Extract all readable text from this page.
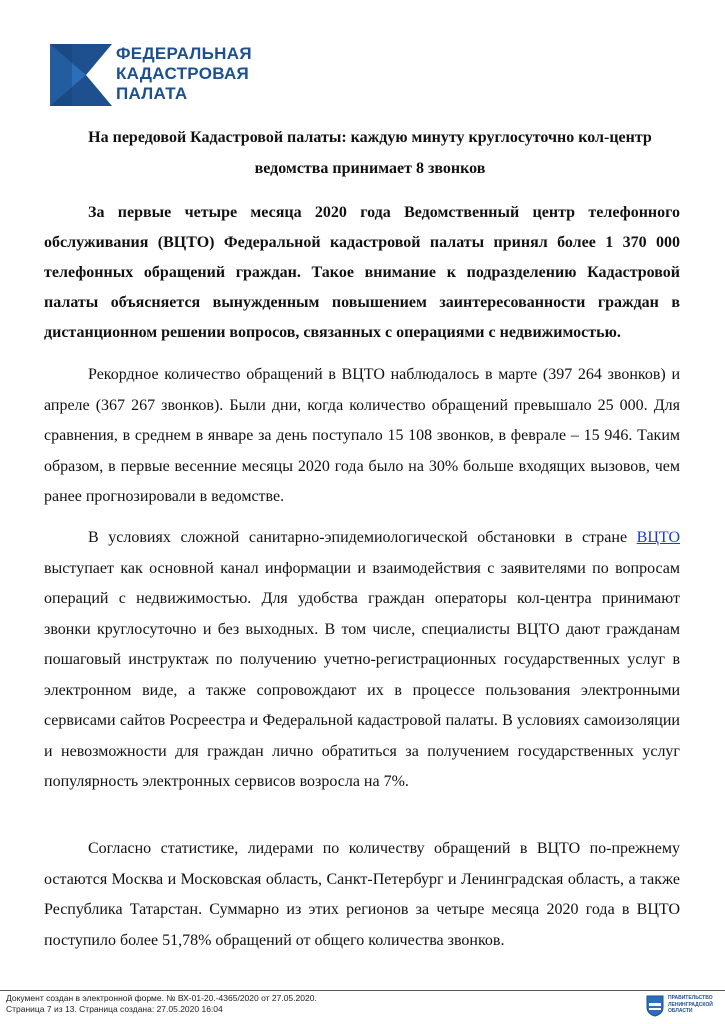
ФЕДЕРАЛЬНАЯ
КАДАСТРОВАЯ
ПАЛАТА
На передовой Кадастровой палаты: каждую минуту круглосуточно кол-центр ведомства принимает 8 звонков

За первые четыре месяца 2020 года Ведомственный центр телефонного обслуживания (ВЦТО) Федеральной кадастровой палаты принял более 1 370 000 телефонных обращений граждан. Такое внимание к подразделению Кадастровой палаты объясняется вынужденным повышением заинтересованности граждан в дистанционном решении вопросов, связанных с операциями с недвижимостью.

Рекордное количество обращений в ВЦТО наблюдалось в марте (397 264 звонков) и апреле (367 267 звонков). Были дни, когда количество обращений превышало 25 000. Для сравнения, в среднем в январе за день поступало 15 108 звонков, в феврале – 15 946. Таким образом, в первые весенние месяцы 2020 года было на 30% больше входящих вызовов, чем ранее прогнозировали в ведомстве.

В условиях сложной санитарно-эпидемиологической обстановки в стране ВЦТО выступает как основной канал информации и взаимодействия с заявителями по вопросам операций с недвижимостью. Для удобства граждан операторы кол-центра принимают звонки круглосуточно и без выходных. В том числе, специалисты ВЦТО дают гражданам пошаговый инструктаж по получению учетно-регистрационных государственных услуг в электронном виде, а также сопровождают их в процессе пользования электронными сервисами сайтов Росреестра и Федеральной кадастровой палаты. В условиях самоизоляции и невозможности для граждан лично обратиться за получением государственных услуг популярность электронных сервисов возросла на 7%.

Согласно статистике, лидерами по количеству обращений в ВЦТО по-прежнему остаются Москва и Московская область, Санкт-Петербург и Ленинградская область, а также Республика Татарстан. Суммарно из этих регионов за четыре месяца 2020 года в ВЦТО поступило более 51,78% обращений от общего количества звонков.

Документ создан в электронной форме. № ВХ-01-20.-4365/2020 от 27.05.2020.
Страница 7 из 13. Страница создана: 27.05.2020 16:04
ПРАВИТЕЛЬСТВО
ЛЕНИНГРАДСКОЙ
ОБЛАСТИ
